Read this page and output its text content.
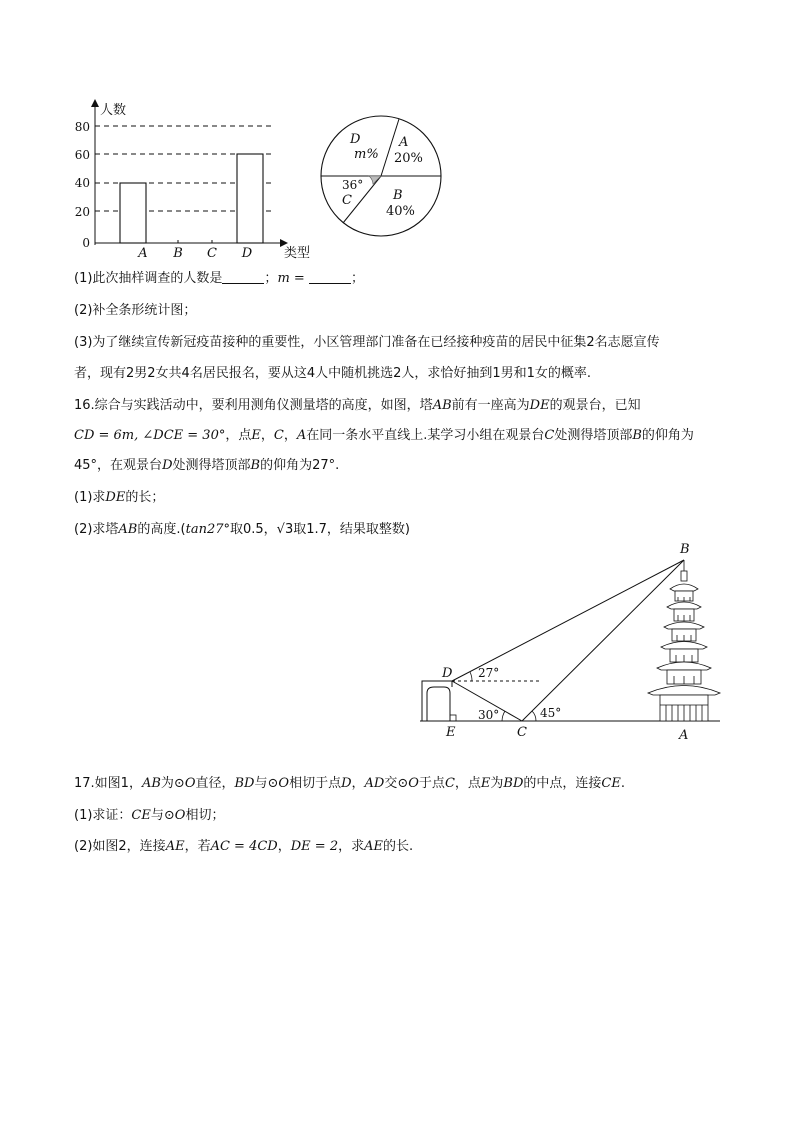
80
60
40
20
0
A B C D
人数
类型
D
m%
A
20%
36°
C	B
40%
(1)此次抽样调查的人数是	；m =	；
(2)补全条形统计图；
(3)为了继续宣传新冠疫苗接种的重要性，小区管理部门准备在已经接种疫苗的居民中征集2名志愿宣传
者，现有2男2女共4名居民报名，要从这4人中随机挑选2人，求恰好抽到1男和1女的概率.
16.综合与实践活动中，要利用测角仪测量塔的高度，如图，塔AB前有一座高为DE的观景台，已知
CD = 6m, ∠DCE = 30°，点E，C，A在同一条水平直线上.某学习小组在观景台C处测得塔顶部B的仰角为
45°，在观景台D处测得塔顶部B的仰角为27°.
(1)求DE的长；
(2)求塔AB的高度.(tan27°取0.5，√3取1.7，结果取整数)
B
D
E	C	A
27°
30°	45°
17.如图1，AB为⊙O直径，BD与⊙O相切于点D，AD交⊙O于点C，点E为BD的中点，连接CE.
(1)求证：CE与⊙O相切；
(2)如图2，连接AE，若AC = 4CD，DE = 2，求AE的长.
